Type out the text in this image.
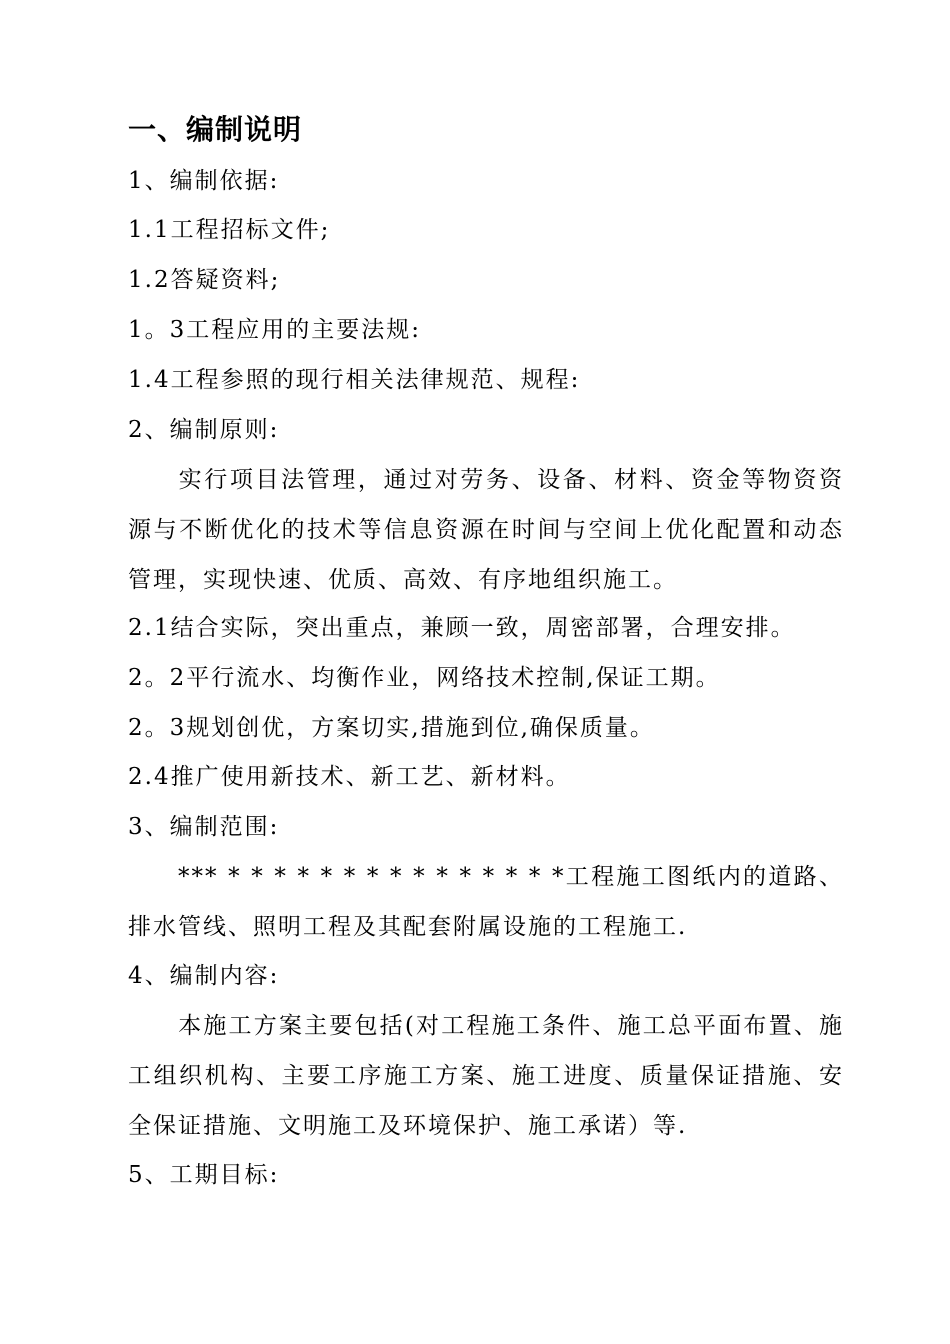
一、编制说明

1、编制依据:

1.1工程招标文件;

1.2答疑资料;

1。3工程应用的主要法规:

1.4工程参照的现行相关法律规范、规程:

2、编制原则:

实行项目法管理，通过对劳务、设备、材料、资金等物资资源与不断优化的技术等信息资源在时间与空间上优化配置和动态管理，实现快速、优质、高效、有序地组织施工。

2.1结合实际，突出重点，兼顾一致，周密部署，合理安排。

2。2平行流水、均衡作业，网络技术控制,保证工期。

2。3规划创优，方案切实,措施到位,确保质量。

2.4推广使用新技术、新工艺、新材料。

3、编制范围:

*** * * * * * * * * * * * * * * *工程施工图纸内的道路、排水管线、照明工程及其配套附属设施的工程施工.

4、编制内容:

本施工方案主要包括(对工程施工条件、施工总平面布置、施工组织机构、主要工序施工方案、施工进度、质量保证措施、安全保证措施、文明施工及环境保护、施工承诺）等.

5、工期目标:
